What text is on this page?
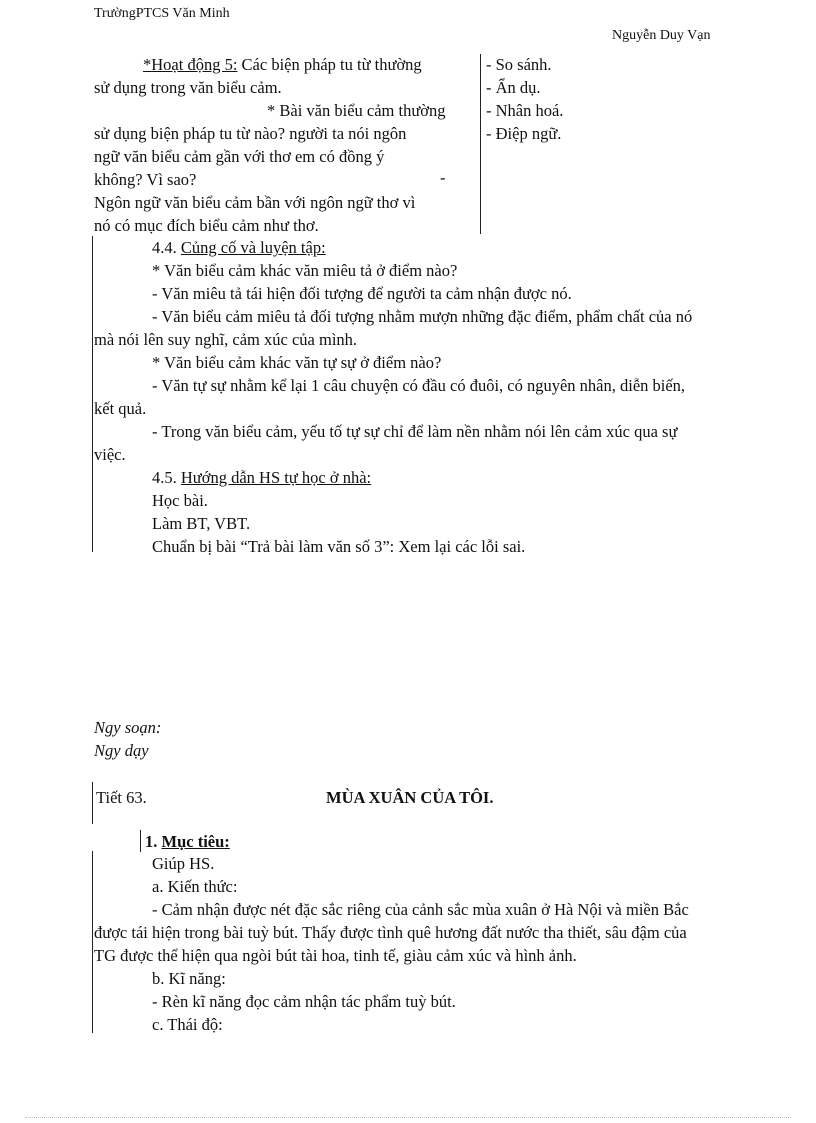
TrườngPTCS Văn Minh
Nguyễn Duy Vạn
*Hoạt động 5: Các biện pháp tu từ thường
sử dụng trong văn biểu cảm.
* Bài văn biểu cảm thường
sử dụng biện pháp tu từ nào? người ta nói ngôn
ngữ văn biểu cảm gần với thơ em có đồng ý
không? Vì sao?	-
Ngôn ngữ văn biểu cảm bần với ngôn ngữ thơ vì
nó có mục đích biểu cảm như thơ.
- So sánh.
- Ẩn dụ.
- Nhân hoá.
- Điệp ngữ.
4.4. Củng cố và luyện tập:
* Văn biểu cảm khác văn miêu tả ở điểm nào?
- Văn miêu tả tái hiện đối tượng để người ta cảm nhận được nó.
- Văn biểu cảm miêu tả đối tượng nhằm mượn những đặc điểm, phẩm chất của nó
mà nói lên suy nghĩ, cảm xúc của mình.
* Văn biểu cảm khác văn tự sự ở điểm nào?
- Văn tự sự nhằm kể lại 1 câu chuyện có đầu có đuôi, có nguyên nhân, diễn biến,
kết quả.
- Trong văn biểu cảm, yếu tố tự sự chỉ để làm nền nhằm nói lên cảm xúc qua sự
việc.
4.5. Hướng dẫn HS tự học ở nhà:
Học bài.
Làm BT, VBT.
Chuẩn bị bài “Trả bài làm văn số 3”: Xem lại các lỗi sai.
Ngy soạn:
Ngy dạy
Tiết 63.	MÙA XUÂN CỦA TÔI.
1. Mục tiêu:
Giúp HS.
a. Kiến thức:
- Cảm nhận được nét đặc sắc riêng của cảnh sắc mùa xuân ở Hà Nội và miền Bắc
được tái hiện trong bài tuỳ bút. Thấy được tình quê hương đất nước tha thiết, sâu đậm của
TG được thể hiện qua ngòi bút tài hoa, tinh tế, giàu cảm xúc và hình ảnh.
b. Kĩ năng:
- Rèn kĩ năng đọc cảm nhận tác phẩm tuỳ bút.
c. Thái độ:
